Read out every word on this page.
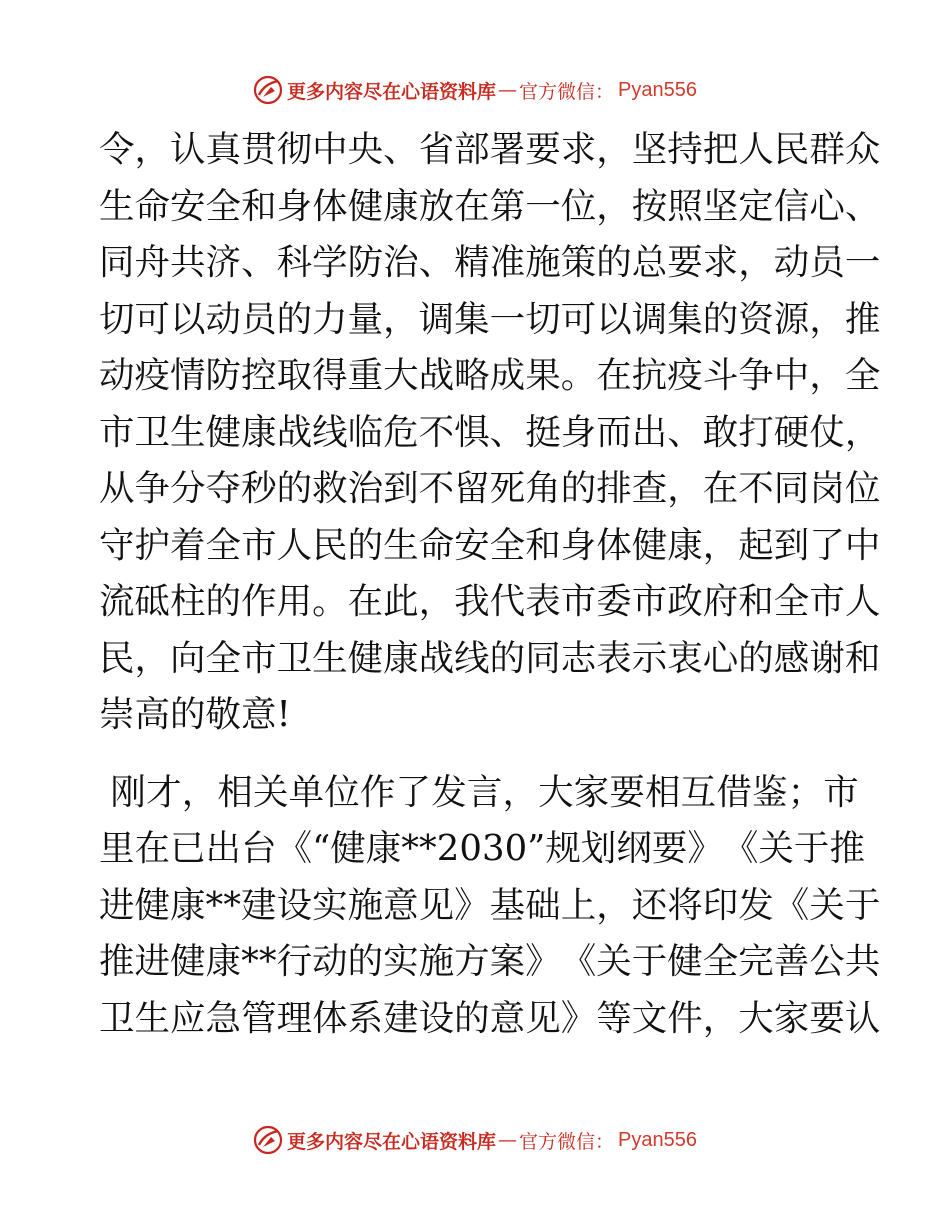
更多内容尽在心语资料库 — 官方微信： Pyan556
令 ， 认 真 贯 彻 中 央 、 省 部 署 要 求 ， 坚 持 把 人 民 群 众
生 命 安 全 和 身 体 健 康 放 在 第 一 位 ， 按 照 坚 定 信 心 、
同 舟 共 济 、 科 学 防 治 、 精 准 施 策 的 总 要 求 ， 动 员 一
切 可 以 动 员 的 力 量 ， 调 集 一 切 可 以 调 集 的 资 源 ， 推
动 疫 情 防 控 取 得 重 大 战 略 成 果 。 在 抗 疫 斗 争 中 ， 全
市 卫 生 健 康 战 线 临 危 不 惧 、 挺 身 而 出 、 敢 打 硬 仗 ，
从 争 分 夺 秒 的 救 治 到 不 留 死 角 的 排 查 ， 在 不 同 岗 位
守 护 着 全 市 人 民 的 生 命 安 全 和 身 体 健 康 ， 起 到 了 中
流 砥 柱 的 作 用 。 在 此 ， 我 代 表 市 委 市 政 府 和 全 市 人
民 ， 向 全 市 卫 生 健 康 战 线 的 同 志 表 示 衷 心 的 感 谢 和
崇高的敬意!

刚 才 ， 相 关 单 位 作 了 发 言 ， 大 家 要 相 互 借 鉴 ； 市
里 在 已 出 台 《 “ 健 康 * * 2 0 3 0 ” 规 划 纲 要 》 《 关 于 推
进 健 康 * * 建 设 实 施 意 见 》 基 础 上 ， 还 将 印 发 《 关 于
推 进 健 康 * * 行 动 的 实 施 方 案 》 《 关 于 健 全 完 善 公 共
卫 生 应 急 管 理 体 系 建 设 的 意 见 》 等 文 件 ， 大 家 要 认
更多内容尽在心语资料库 — 官方微信： Pyan556
